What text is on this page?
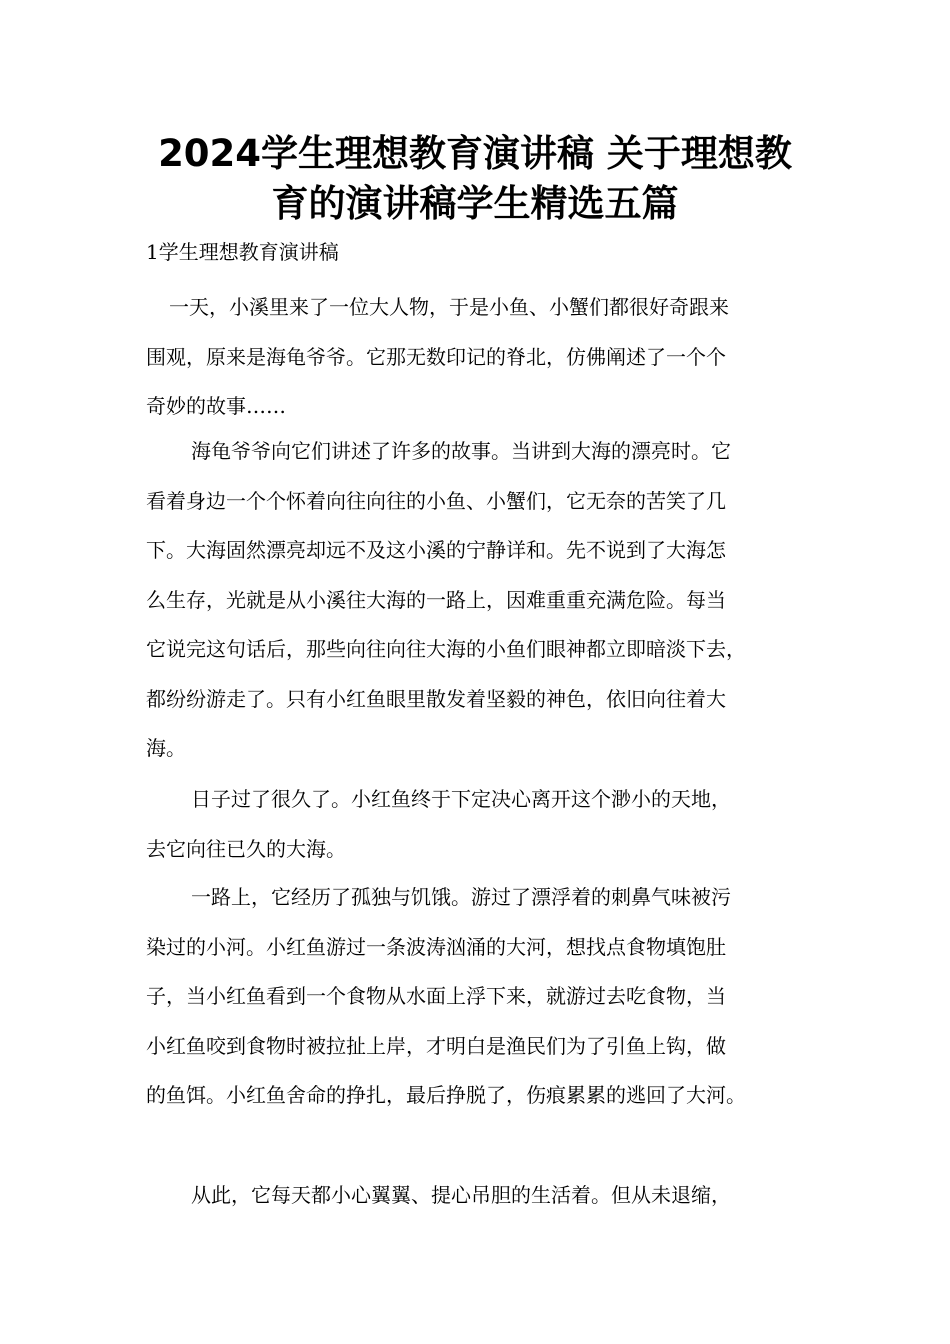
2024学生理想教育演讲稿 关于理想教
育的演讲稿学生精选五篇

1学生理想教育演讲稿

一天，小溪里来了一位大人物，于是小鱼、小蟹们都很好奇跟来
围观，原来是海龟爷爷。它那无数印记的脊北，仿佛阐述了一个个
奇妙的故事……

海龟爷爷向它们讲述了许多的故事。当讲到大海的漂亮时。它
看着身边一个个怀着向往向往的小鱼、小蟹们，它无奈的苦笑了几
下。大海固然漂亮却远不及这小溪的宁静详和。先不说到了大海怎
么生存，光就是从小溪往大海的一路上，因难重重充满危险。每当
它说完这句话后，那些向往向往大海的小鱼们眼神都立即暗淡下去，
都纷纷游走了。只有小红鱼眼里散发着坚毅的神色，依旧向往着大
海。

日子过了很久了。小红鱼终于下定决心离开这个渺小的天地，
去它向往已久的大海。

一路上，它经历了孤独与饥饿。游过了漂浮着的刺鼻气味被污
染过的小河。小红鱼游过一条波涛汹涌的大河，想找点食物填饱肚
子，当小红鱼看到一个食物从水面上浮下来，就游过去吃食物，当
小红鱼咬到食物时被拉扯上岸，才明白是渔民们为了引鱼上钩，做
的鱼饵。小红鱼舍命的挣扎，最后挣脱了，伤痕累累的逃回了大河。

从此，它每天都小心翼翼、提心吊胆的生活着。但从未退缩，
